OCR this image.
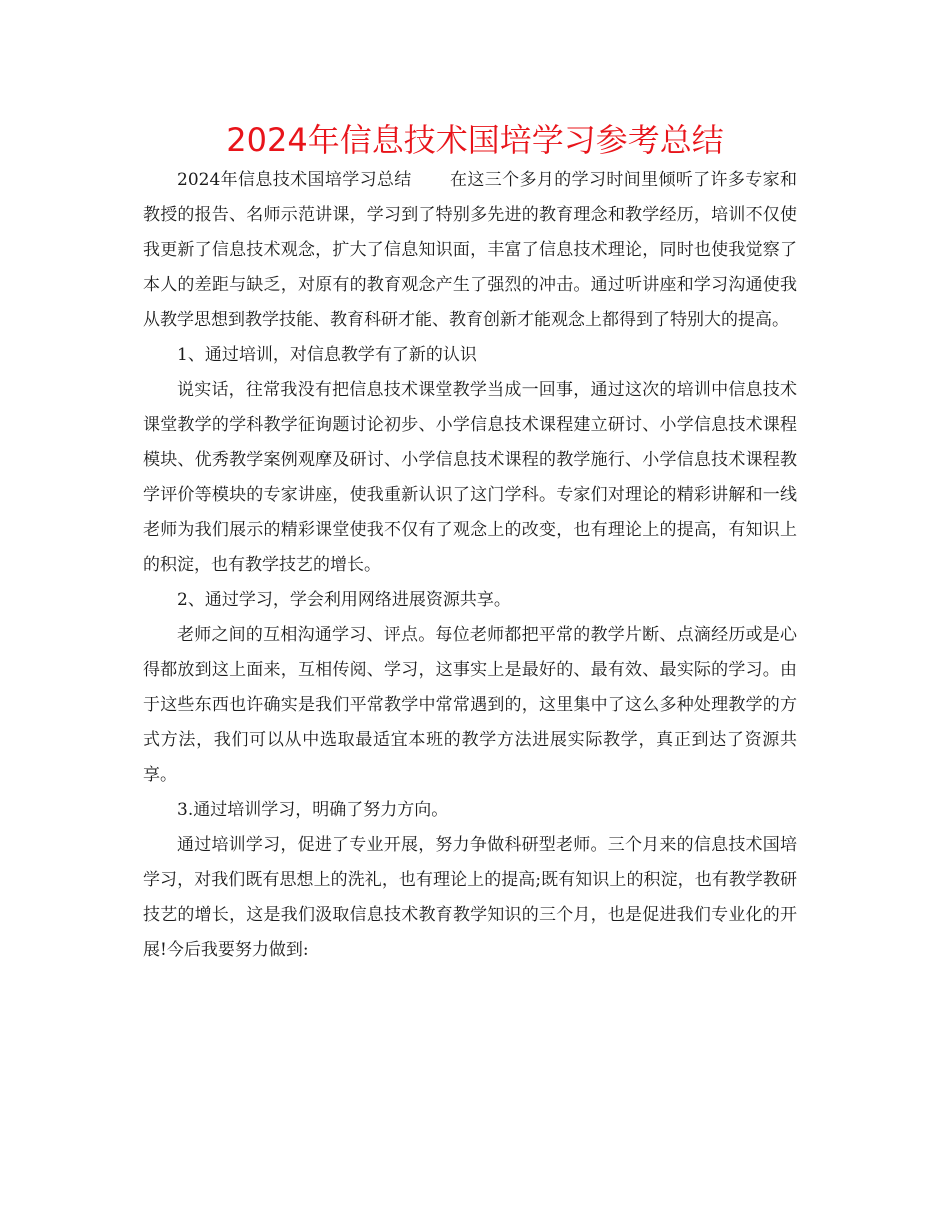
2024年信息技术国培学习参考总结

2024年信息技术国培学习总结 在这三个多月的学习时间里倾听了许多专家和教授的报告、名师示范讲课，学习到了特别多先进的教育理念和教学经历，培训不仅使我更新了信息技术观念，扩大了信息知识面，丰富了信息技术理论，同时也使我觉察了本人的差距与缺乏，对原有的教育观念产生了强烈的冲击。通过听讲座和学习沟通使我从教学思想到教学技能、教育科研才能、教育创新才能观念上都得到了特别大的提高。

1、通过培训，对信息教学有了新的认识

说实话，往常我没有把信息技术课堂教学当成一回事，通过这次的培训中信息技术课堂教学的学科教学征询题讨论初步、小学信息技术课程建立研讨、小学信息技术课程模块、优秀教学案例观摩及研讨、小学信息技术课程的教学施行、小学信息技术课程教学评价等模块的专家讲座，使我重新认识了这门学科。专家们对理论的精彩讲解和一线老师为我们展示的精彩课堂使我不仅有了观念上的改变，也有理论上的提高，有知识上的积淀，也有教学技艺的增长。

2、通过学习，学会利用网络进展资源共享。

老师之间的互相沟通学习、评点。每位老师都把平常的教学片断、点滴经历或是心得都放到这上面来，互相传阅、学习，这事实上是最好的、最有效、最实际的学习。由于这些东西也许确实是我们平常教学中常常遇到的，这里集中了这么多种处理教学的方式方法，我们可以从中选取最适宜本班的教学方法进展实际教学，真正到达了资源共享。

3.通过培训学习，明确了努力方向。

通过培训学习，促进了专业开展，努力争做科研型老师。三个月来的信息技术国培学习，对我们既有思想上的洗礼，也有理论上的提高;既有知识上的积淀，也有教学教研技艺的增长，这是我们汲取信息技术教育教学知识的三个月，也是促进我们专业化的开展!今后我要努力做到:
